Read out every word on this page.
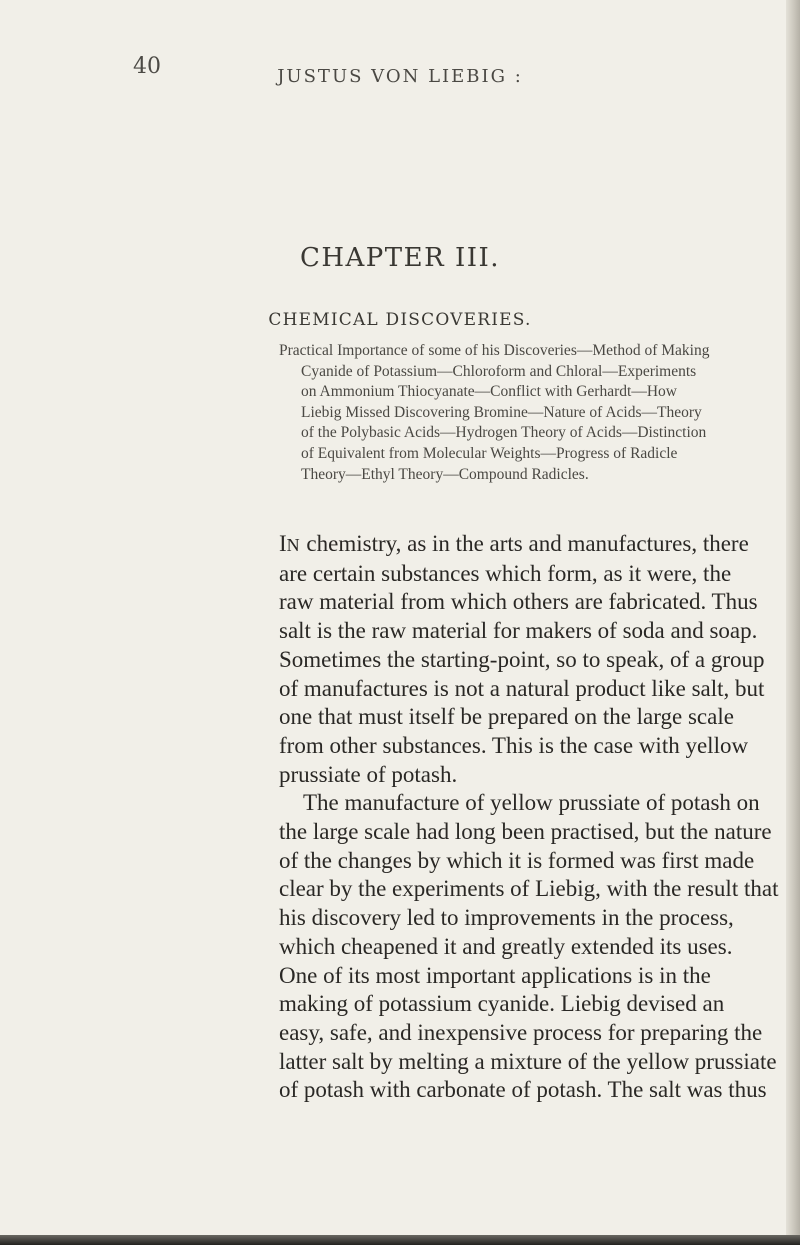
40	JUSTUS VON LIEBIG :
CHAPTER III.
CHEMICAL DISCOVERIES.
Practical Importance of some of his Discoveries—Method of Making
Cyanide of Potassium—Chloroform and Chloral—Experiments
on Ammonium Thiocyanate—Conflict with Gerhardt—How
Liebig Missed Discovering Bromine—Nature of Acids—Theory
of the Polybasic Acids—Hydrogen Theory of Acids—Distinction
of Equivalent from Molecular Weights—Progress of Radicle
Theory—Ethyl Theory—Compound Radicles.
IN chemistry, as in the arts and manufactures, there
are certain substances which form, as it were, the
raw material from which others are fabricated. Thus
salt is the raw material for makers of soda and soap.
Sometimes the starting-point, so to speak, of a group
of manufactures is not a natural product like salt, but
one that must itself be prepared on the large scale
from other substances. This is the case with yellow
prussiate of potash.
The manufacture of yellow prussiate of potash on
the large scale had long been practised, but the nature
of the changes by which it is formed was first made
clear by the experiments of Liebig, with the result that
his discovery led to improvements in the process,
which cheapened it and greatly extended its uses.
One of its most important applications is in the
making of potassium cyanide. Liebig devised an
easy, safe, and inexpensive process for preparing the
latter salt by melting a mixture of the yellow prussiate
of potash with carbonate of potash. The salt was thus
